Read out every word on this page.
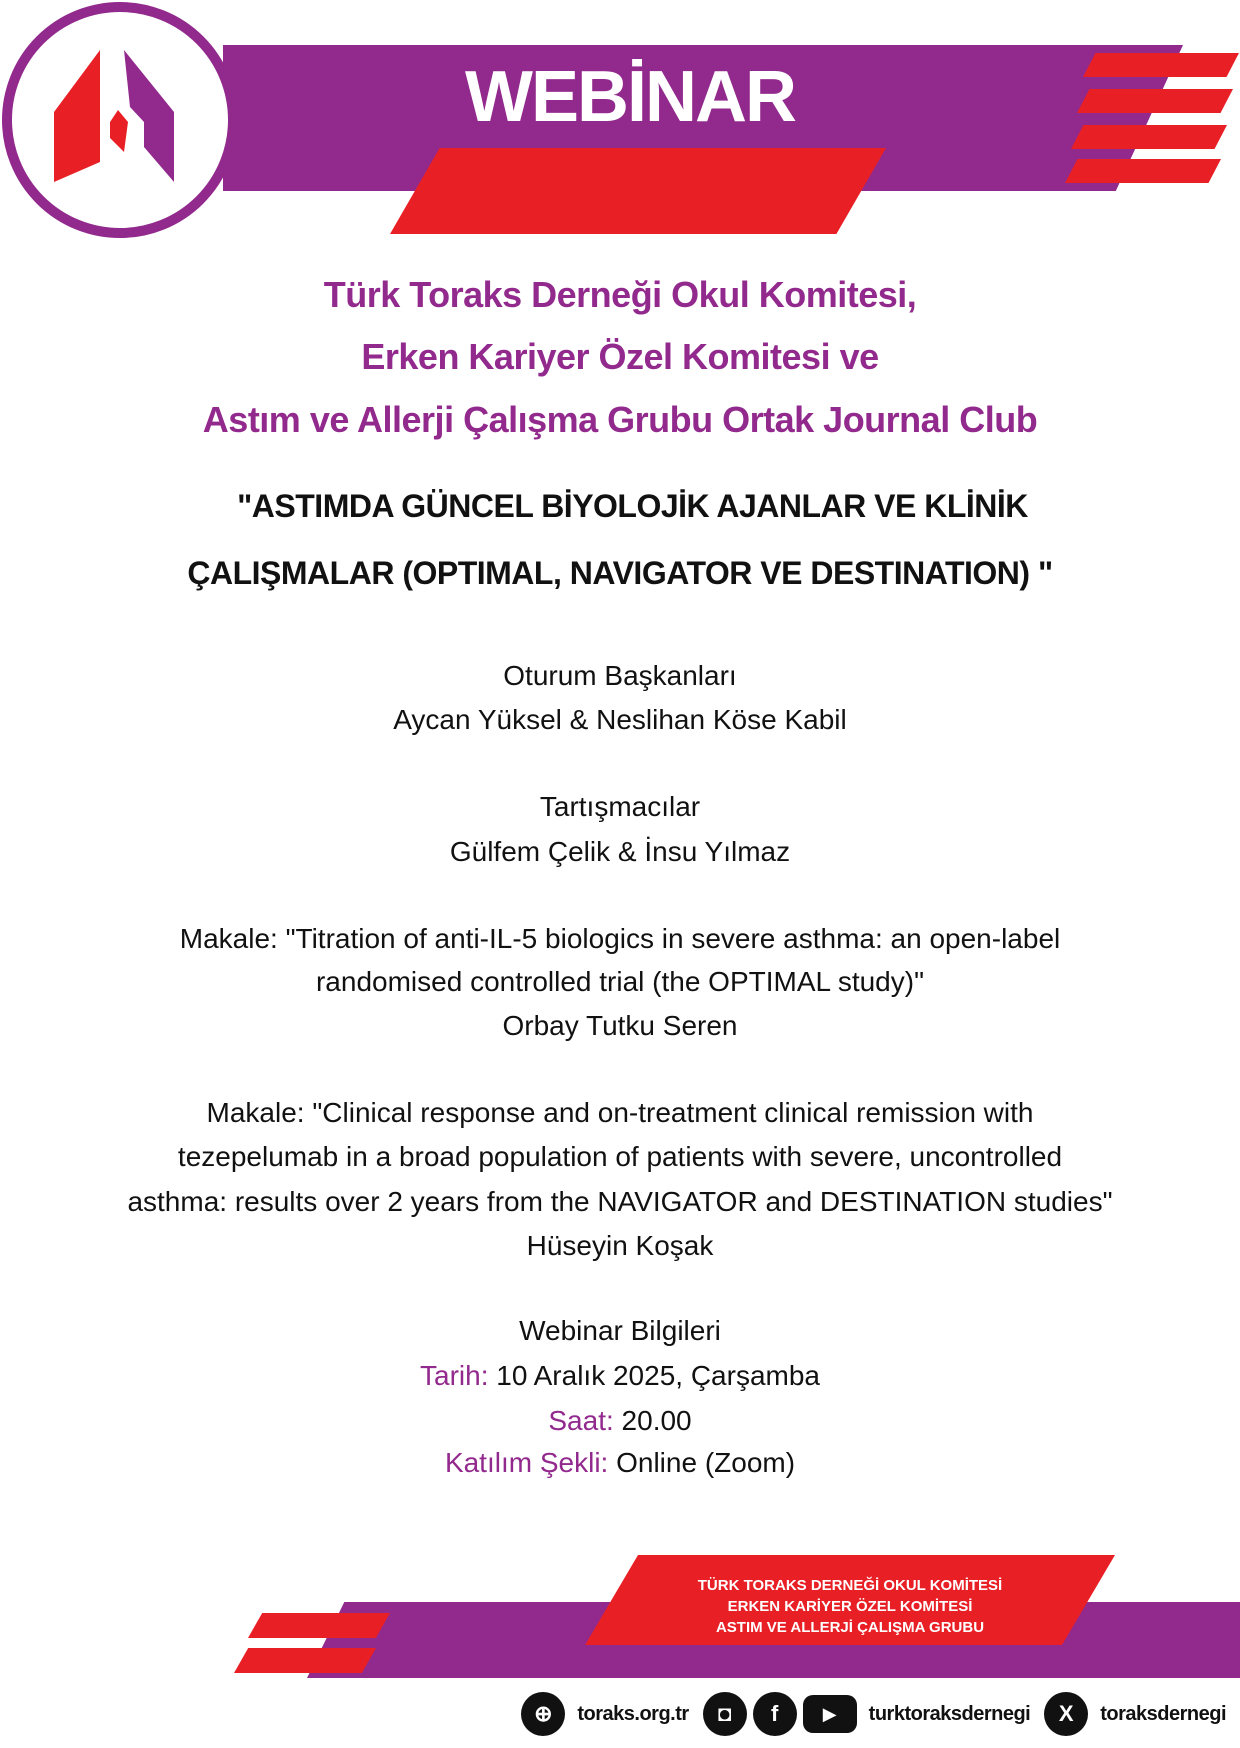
WEBİNAR
Türk Toraks Derneği Okul Komitesi,
Erken Kariyer Özel Komitesi ve
Astım ve Allerji Çalışma Grubu Ortak Journal Club
"ASTIMDA GÜNCEL BİYOLOJİK AJANLAR VE KLİNİK
ÇALIŞMALAR (OPTIMAL, NAVIGATOR VE DESTINATION) "
Oturum Başkanları
Aycan Yüksel & Neslihan Köse Kabil
Tartışmacılar
Gülfem Çelik & İnsu Yılmaz
Makale: "Titration of anti-IL-5 biologics in severe asthma: an open-label
randomised controlled trial (the OPTIMAL study)"
Orbay Tutku Seren
Makale: "Clinical response and on-treatment clinical remission with
tezepelumab in a broad population of patients with severe, uncontrolled
asthma: results over 2 years from the NAVIGATOR and DESTINATION studies"
Hüseyin Koşak
Webinar Bilgileri
Tarih: 10 Aralık 2025, Çarşamba
Saat: 20.00
Katılım Şekli: Online (Zoom)
TÜRK TORAKS DERNEĞİ OKUL KOMİTESİ
ERKEN KARİYER ÖZEL KOMİTESİ
ASTIM VE ALLERJİ ÇALIŞMA GRUBU
⊕	toraks.org.tr	◘	f	▶	turktoraksdernegi	X	toraksdernegi
